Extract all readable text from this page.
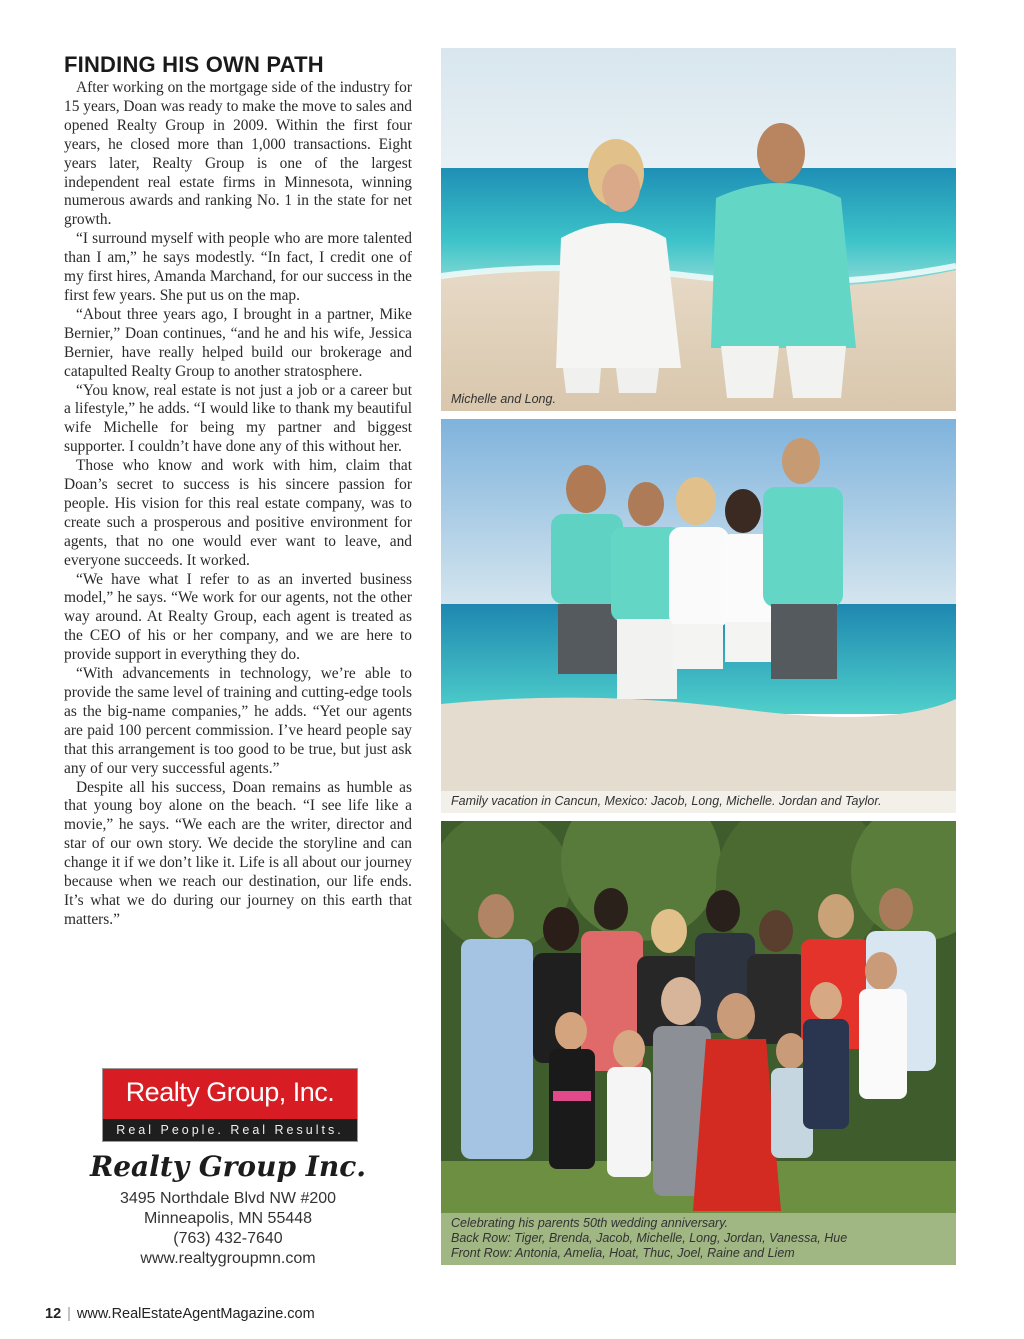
FINDING HIS OWN PATH

After working on the mortgage side of the industry for 15 years, Doan was ready to make the move to sales and opened Realty Group in 2009. Within the first four years, he closed more than 1,000 transactions. Eight years later, Realty Group is one of the largest independent real estate firms in Minnesota, winning numerous awards and ranking No. 1 in the state for net growth.

“I surround myself with people who are more talented than I am,” he says modestly. “In fact, I credit one of my first hires, Amanda Marchand, for our success in the first few years. She put us on the map.

“About three years ago, I brought in a partner, Mike Bernier,” Doan continues, “and he and his wife, Jessica Bernier, have really helped build our brokerage and catapulted Realty Group to another stratosphere.

“You know, real estate is not just a job or a career but a lifestyle,” he adds. “I would like to thank my beautiful wife Michelle for being my partner and biggest supporter. I couldn’t have done any of this without her.

Those who know and work with him, claim that Doan’s secret to success is his sincere passion for people. His vision for this real estate company, was to create such a prosperous and positive environment for agents, that no one would ever want to leave, and everyone succeeds. It worked.

“We have what I refer to as an inverted business model,” he says. “We work for our agents, not the other way around. At Realty Group, each agent is treated as the CEO of his or her company, and we are here to provide support in everything they do.

“With advancements in technology, we’re able to provide the same level of training and cutting-edge tools as the big-name companies,” he adds. “Yet our agents are paid 100 percent commission. I’ve heard people say that this arrangement is too good to be true, but just ask any of our very successful agents.”

Despite all his success, Doan remains as humble as that young boy alone on the beach. “I see life like a movie,” he says. “We each are the writer, director and star of our own story. We decide the storyline and can change it if we don’t like it. Life is all about our journey because when we reach our destination, our life ends. It’s what we do during our journey on this earth that matters.”

Realty Group, Inc.
Real People. Real Results.
Realty Group Inc.
3495 Northdale Blvd NW #200
Minneapolis, MN 55448
(763) 432-7640
www.realtygroupmn.com
Michelle and Long.
Family vacation in Cancun, Mexico: Jacob, Long, Michelle. Jordan and Taylor.
Celebrating his parents 50th wedding anniversary.
Back Row: Tiger, Brenda, Jacob, Michelle, Long, Jordan, Vanessa, Hue
Front Row: Antonia, Amelia, Hoat, Thuc, Joel, Raine and Liem
12 | www.RealEstateAgentMagazine.com
